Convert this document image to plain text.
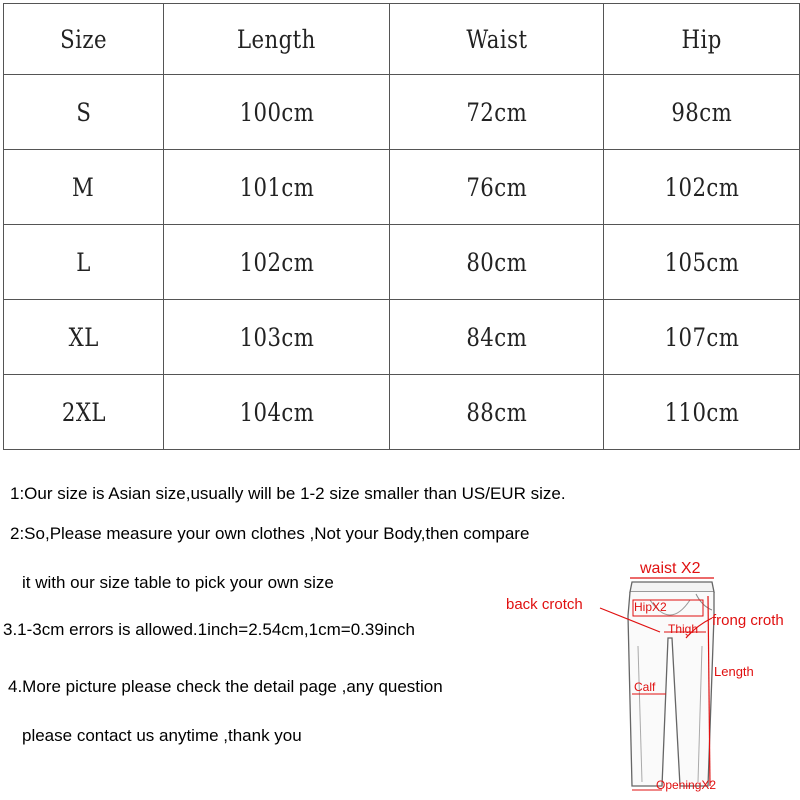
Size	Length	Waist	Hip
S	100cm	72cm	98cm
M	101cm	76cm	102cm
L	102cm	80cm	105cm
XL	103cm	84cm	107cm
2XL	104cm	88cm	110cm
1:Our size is Asian size,usually will be 1-2 size smaller than US/EUR size.
2:So,Please measure your own clothes ,Not your Body,then compare
it with our size table to pick your own size
3.1-3cm errors is allowed.1inch=2.54cm,1cm=0.39inch
4.More picture please check the detail page ,any question
please contact us anytime ,thank you
waist X2
back crotch	HipX2
frong croth
Thigh
Length
Calf
OpeningX2
